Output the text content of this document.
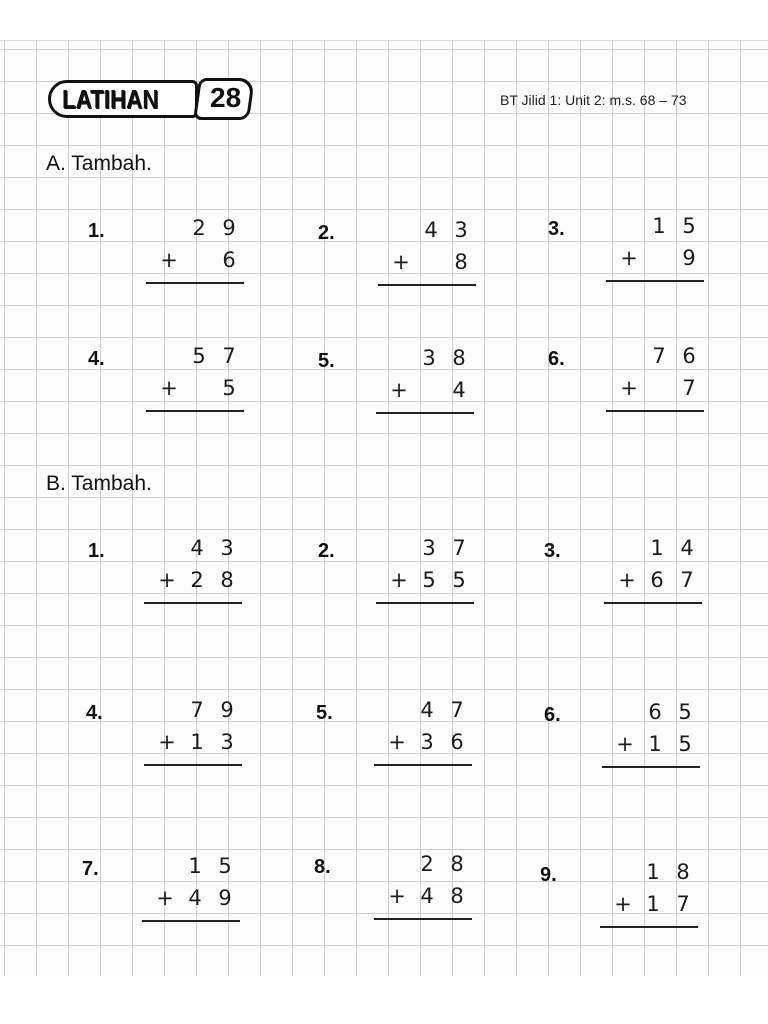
LATIHAN 28	BT Jilid 1: Unit 2: m.s. 68 – 73
A. Tambah.
B. Tambah.
1.	2 9
+	6
2.	4 3
+	8
3.	1 5
+	9
4.	5 7
+	5
5.	3 8
+	4
6.	7 6
+	7
1.	4 3
+ 2 8
2.	3 7
+ 5 5
3.	1 4
+ 6 7
4.	7 9
+ 1 3
5.	4 7
+ 3 6
6.	6 5
+ 1 5
7.	1 5
+ 4 9
8.	2 8
+ 4 8
9.	1 8
+ 1 7
